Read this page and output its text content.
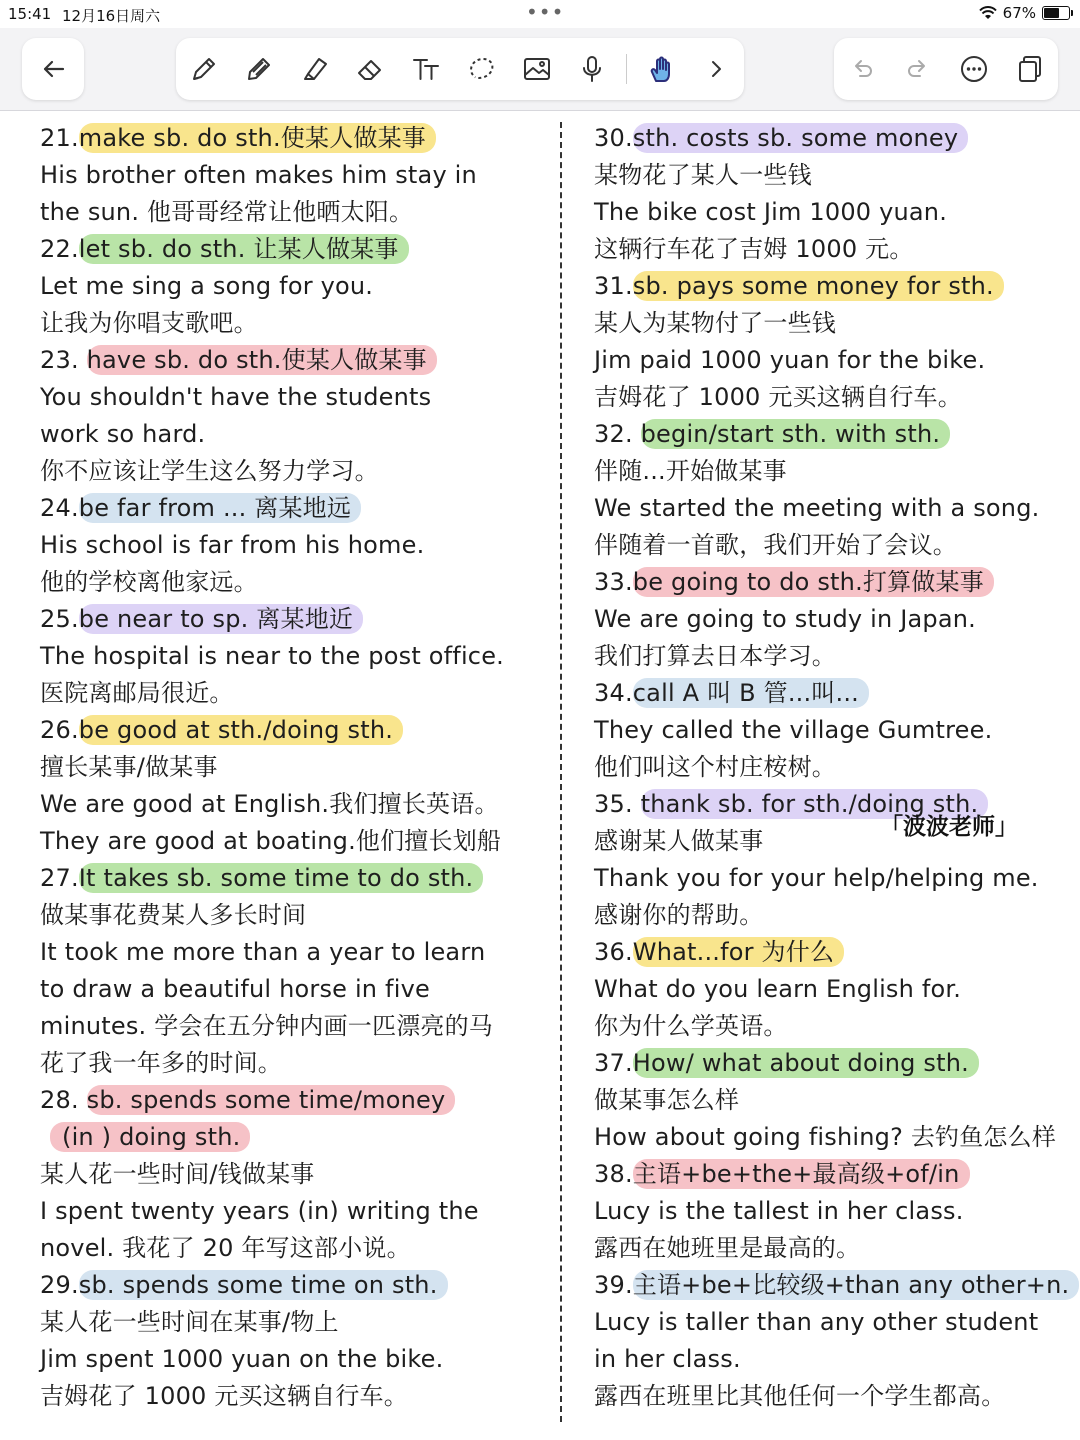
15:41 12月16日周六	•••	67%
21.make sb. do sth.使某人做某事
His brother often makes him stay in
the sun. 他哥哥经常让他晒太阳。
22.let sb. do sth. 让某人做某事
Let me sing a song for you.
让我为你唱支歌吧。
23. have sb. do sth.使某人做某事
You shouldn't have the students
work so hard.
你不应该让学生这么努力学习。
24.be far from ... 离某地远
His school is far from his home.
他的学校离他家远。
25.be near to sp. 离某地近
The hospital is near to the post office.
医院离邮局很近。
26.be good at sth./doing sth.
擅长某事/做某事
We are good at English.我们擅长英语。
They are good at boating.他们擅长划船
27.It takes sb. some time to do sth.
做某事花费某人多长时间
It took me more than a year to learn
to draw a beautiful horse in five
minutes. 学会在五分钟内画一匹漂亮的马
花了我一年多的时间。
28. sb. spends some time/money
(in ) doing sth.
某人花一些时间/钱做某事
I spent twenty years (in) writing the
novel. 我花了 20 年写这部小说。
29.sb. spends some time on sth.
某人花一些时间在某事/物上
Jim spent 1000 yuan on the bike.
吉姆花了 1000 元买这辆自行车。
30.sth. costs sb. some money
某物花了某人一些钱
The bike cost Jim 1000 yuan.
这辆行车花了吉姆 1000 元。
31.sb. pays some money for sth.
某人为某物付了一些钱
Jim paid 1000 yuan for the bike.
吉姆花了 1000 元买这辆自行车。
32. begin/start sth. with sth.
伴随...开始做某事
We started the meeting with a song.
伴随着一首歌，我们开始了会议。
33.be going to do sth.打算做某事
We are going to study in Japan.
我们打算去日本学习。
34.call A 叫 B 管...叫...
They called the village Gumtree.
他们叫这个村庄桉树。
35. thank sb. for sth./doing sth.
感谢某人做某事
Thank you for your help/helping me.
感谢你的帮助。
36.What...for 为什么
What do you learn English for.
你为什么学英语。
37.How/ what about doing sth.
做某事怎么样
How about going fishing? 去钓鱼怎么样
38.主语+be+the+最高级+of/in
Lucy is the tallest in her class.
露西在她班里是最高的。
39.主语+be+比较级+than any other+n.
Lucy is taller than any other student
in her class.
露西在班里比其他任何一个学生都高。
「波波老师」
